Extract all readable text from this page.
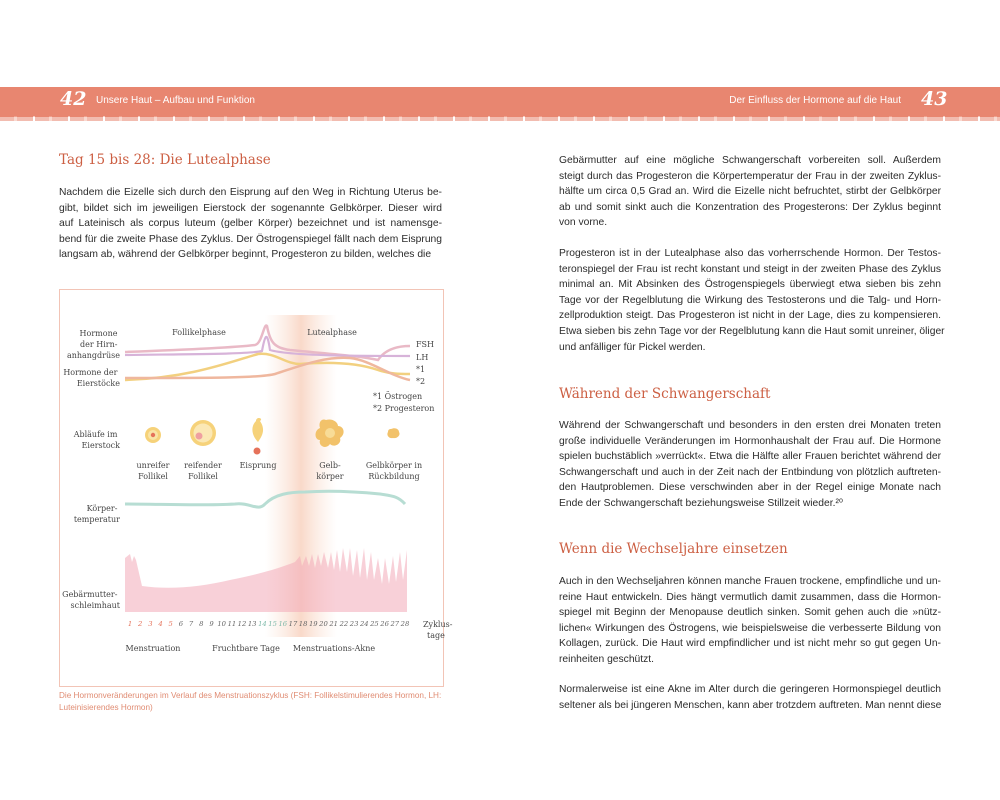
42 Unsere Haut – Aufbau und Funktion	Der Einfluss der Hormone auf die Haut 43
Tag 15 bis 28: Die Lutealphase
Nachdem die Eizelle sich durch den Eisprung auf den Weg in Richtung Uterus be-
gibt, bildet sich im jeweiligen Eierstock der sogenannte Gelbkörper. Dieser wird
auf Lateinisch als corpus luteum (gelber Körper) bezeichnet und ist namensge-
bend für die zweite Phase des Zyklus. Der Östrogenspiegel fällt nach dem Eisprung
langsam ab, während der Gelbkörper beginnt, Progesteron zu bilden, welches die
Follikelphase	Lutealphase
Hormone der Hirn- anhangdrüse
Hormone der Eierstöcke
Abläufe im Eierstock
Körper- temperatur
Gebärmutter- schleimhaut
FSH
LH
*1
*2
*1 Östrogen
*2 Progesteron
unreifer Follikel
reifender Follikel
Eisprung	Gelb-körper
Gelbkörper in Rückbildung
1 2 3 4 5 6 7 8 9 10 11 12 13 14 15 16 17 18 19 20 21 22 23 24 25 26 27 28 Zyklus-tage
Menstruation	Fruchtbare Tage Menstruations-Akne
Die Hormonveränderungen im Verlauf des Menstruationszyklus (FSH: Follikelstimulierendes Hormon, LH: Luteinisierendes Hormon)
Gebärmutter auf eine mögliche Schwangerschaft vorbereiten soll. Außerdem
steigt durch das Progesteron die Körpertemperatur der Frau in der zweiten Zyklus-
hälfte um circa 0,5 Grad an. Wird die Eizelle nicht befruchtet, stirbt der Gelbkörper
ab und somit sinkt auch die Konzentration des Progesterons: Der Zyklus beginnt
von vorne.
Progesteron ist in der Lutealphase also das vorherrschende Hormon. Der Testos-
teronspiegel der Frau ist recht konstant und steigt in der zweiten Phase des Zyklus
minimal an. Mit Absinken des Östrogenspiegels überwiegt etwa sieben bis zehn
Tage vor der Regelblutung die Wirkung des Testosterons und die Talg- und Horn-
zellproduktion steigt. Das Progesteron ist nicht in der Lage, dies zu kompensieren.
Etwa sieben bis zehn Tage vor der Regelblutung kann die Haut somit unreiner, öliger
und anfälliger für Pickel werden.
Während der Schwangerschaft
Während der Schwangerschaft und besonders in den ersten drei Monaten treten
große individuelle Veränderungen im Hormonhaushalt der Frau auf. Die Hormone
spielen buchstäblich »verrückt«. Etwa die Hälfte aller Frauen berichtet während der
Schwangerschaft und auch in der Zeit nach der Entbindung von plötzlich auftreten-
den Hautproblemen. Diese verschwinden aber in der Regel einige Monate nach
Ende der Schwangerschaft beziehungsweise Stillzeit wieder.²⁰
Wenn die Wechseljahre einsetzen
Auch in den Wechseljahren können manche Frauen trockene, empfindliche und un-
reine Haut entwickeln. Dies hängt vermutlich damit zusammen, dass die Hormon-
spiegel mit Beginn der Menopause deutlich sinken. Somit gehen auch die »nütz-
lichen« Wirkungen des Östrogens, wie beispielsweise die verbesserte Bildung von
Kollagen, zurück. Die Haut wird empfindlicher und ist nicht mehr so gut gegen Un-
reinheiten geschützt.
Normalerweise ist eine Akne im Alter durch die geringeren Hormonspiegel deutlich
seltener als bei jüngeren Menschen, kann aber trotzdem auftreten. Man nennt diese
